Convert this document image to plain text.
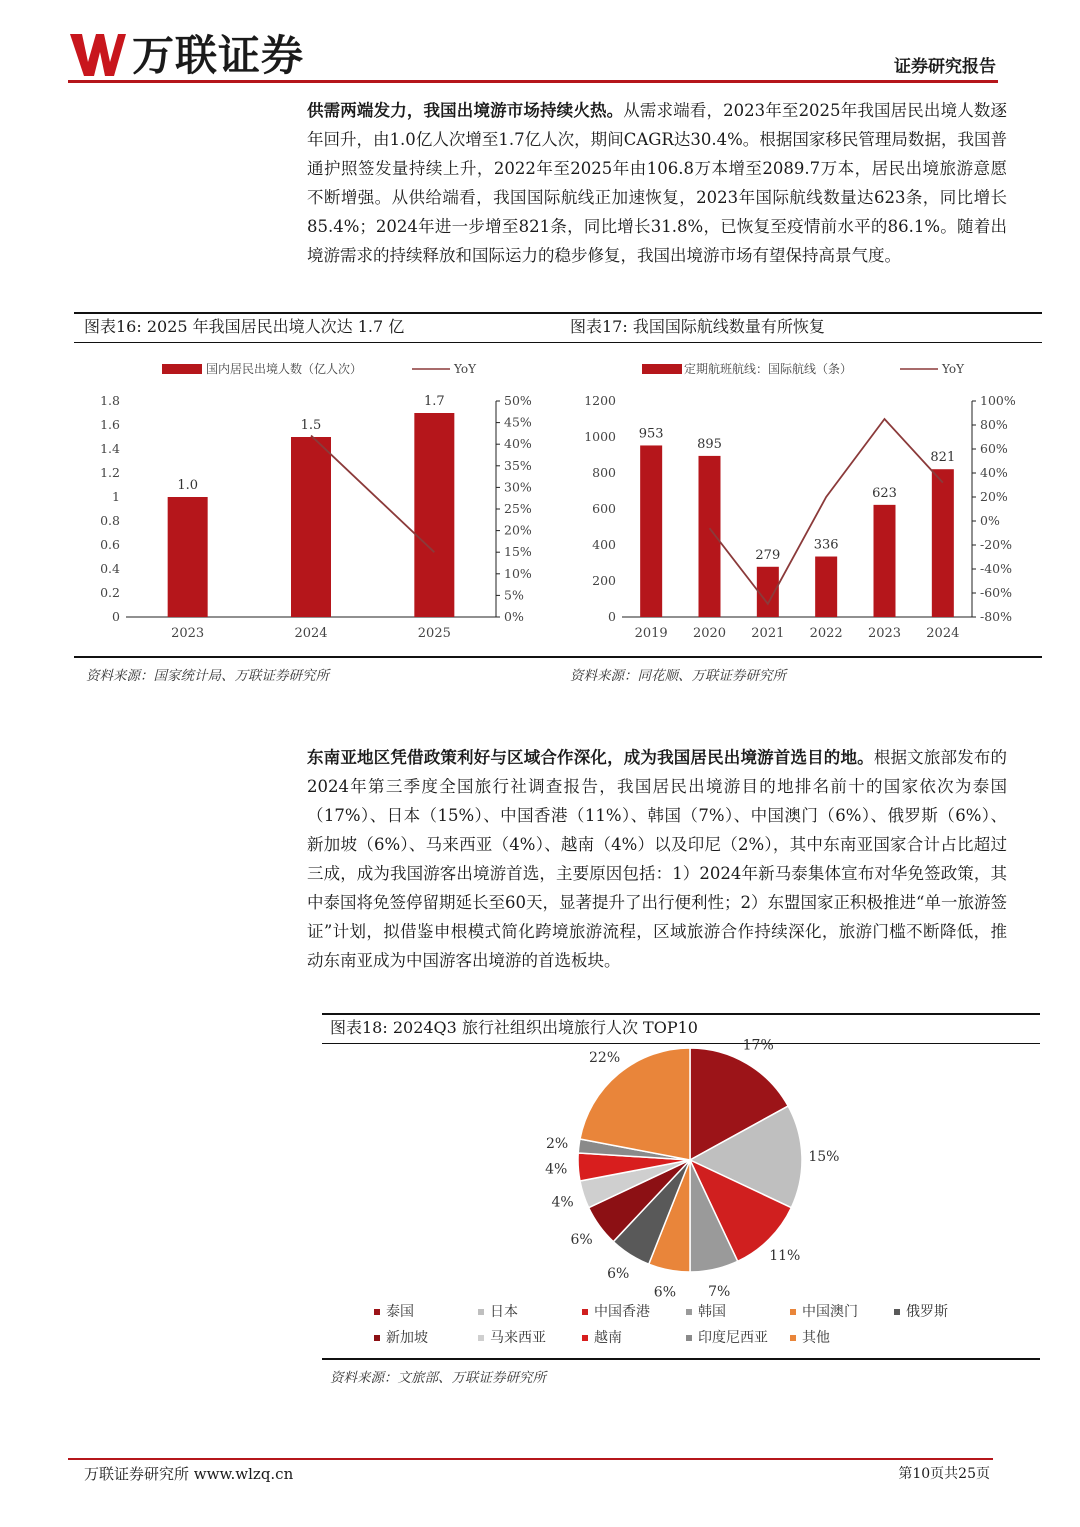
万联证券	证券研究报告
供需两端发力，我国出境游市场持续火热。从需求端看，2023年至2025年我国居民出境人数逐年回升，由1.0亿人次增至1.7亿人次，期间CAGR达30.4%。根据国家移民管理局数据，我国普通护照签发量持续上升，2022年至2025年由106.8万本增至2089.7万本，居民出境旅游意愿不断增强。从供给端看，我国国际航线正加速恢复，2023年国际航线数量达623条，同比增长85.4%；2024年进一步增至821条，同比增长31.8%，已恢复至疫情前水平的86.1%。随着出境游需求的持续释放和国际运力的稳步修复，我国出境游市场有望保持高景气度。
图表16: 2025 年我国居民出境人次达 1.7 亿	图表17: 我国国际航线数量有所恢复
国内居民出境人数（亿人次）	YoY
0
0.2
0.4
0.6
0.8
1
1.2
1.4
1.6
1.8
0%
5%
10%
15%
20%
25%
30%
35%
40%
45%
50%
1.0
1.5
1.7
2023	2024	2025
定期航班航线：国际航线（条）	YoY
0
200
400
600
800
1000
1200
-80%
-60%
-40%
-20%
0%
20%
40%
60%
80%
100%
953
895
279
336
623
821
2019 2020 2021 2022 2023 2024
资料来源：国家统计局、万联证券研究所	资料来源：同花顺、万联证券研究所
东南亚地区凭借政策利好与区域合作深化，成为我国居民出境游首选目的地。根据文旅部发布的2024年第三季度全国旅行社调查报告，我国居民出境游目的地排名前十的国家依次为泰国（17%）、日本（15%）、中国香港（11%）、韩国（7%）、中国澳门（6%）、俄罗斯（6%）、新加坡（6%）、马来西亚（4%）、越南（4%）以及印尼（2%），其中东南亚国家合计占比超过三成，成为我国游客出境游首选，主要原因包括：1）2024年新马泰集体宣布对华免签政策，其中泰国将免签停留期延长至60天，显著提升了出行便利性；2）东盟国家正积极推进“单一旅游签证”计划，拟借鉴申根模式简化跨境旅游流程，区域旅游合作持续深化，旅游门槛不断降低，推动东南亚成为中国游客出境游的首选板块。
图表18: 2024Q3 旅行社组织出境旅行人次 TOP10
17%
15%
11%
7%
6%
6%
6%
4%
4%
2%
22%
泰国	日本	中国香港	韩国	中国澳门	俄罗斯
新加坡	马来西亚	越南	印度尼西亚 其他
资料来源：文旅部、万联证券研究所
万联证券研究所 www.wlzq.cn	第10页共25页
